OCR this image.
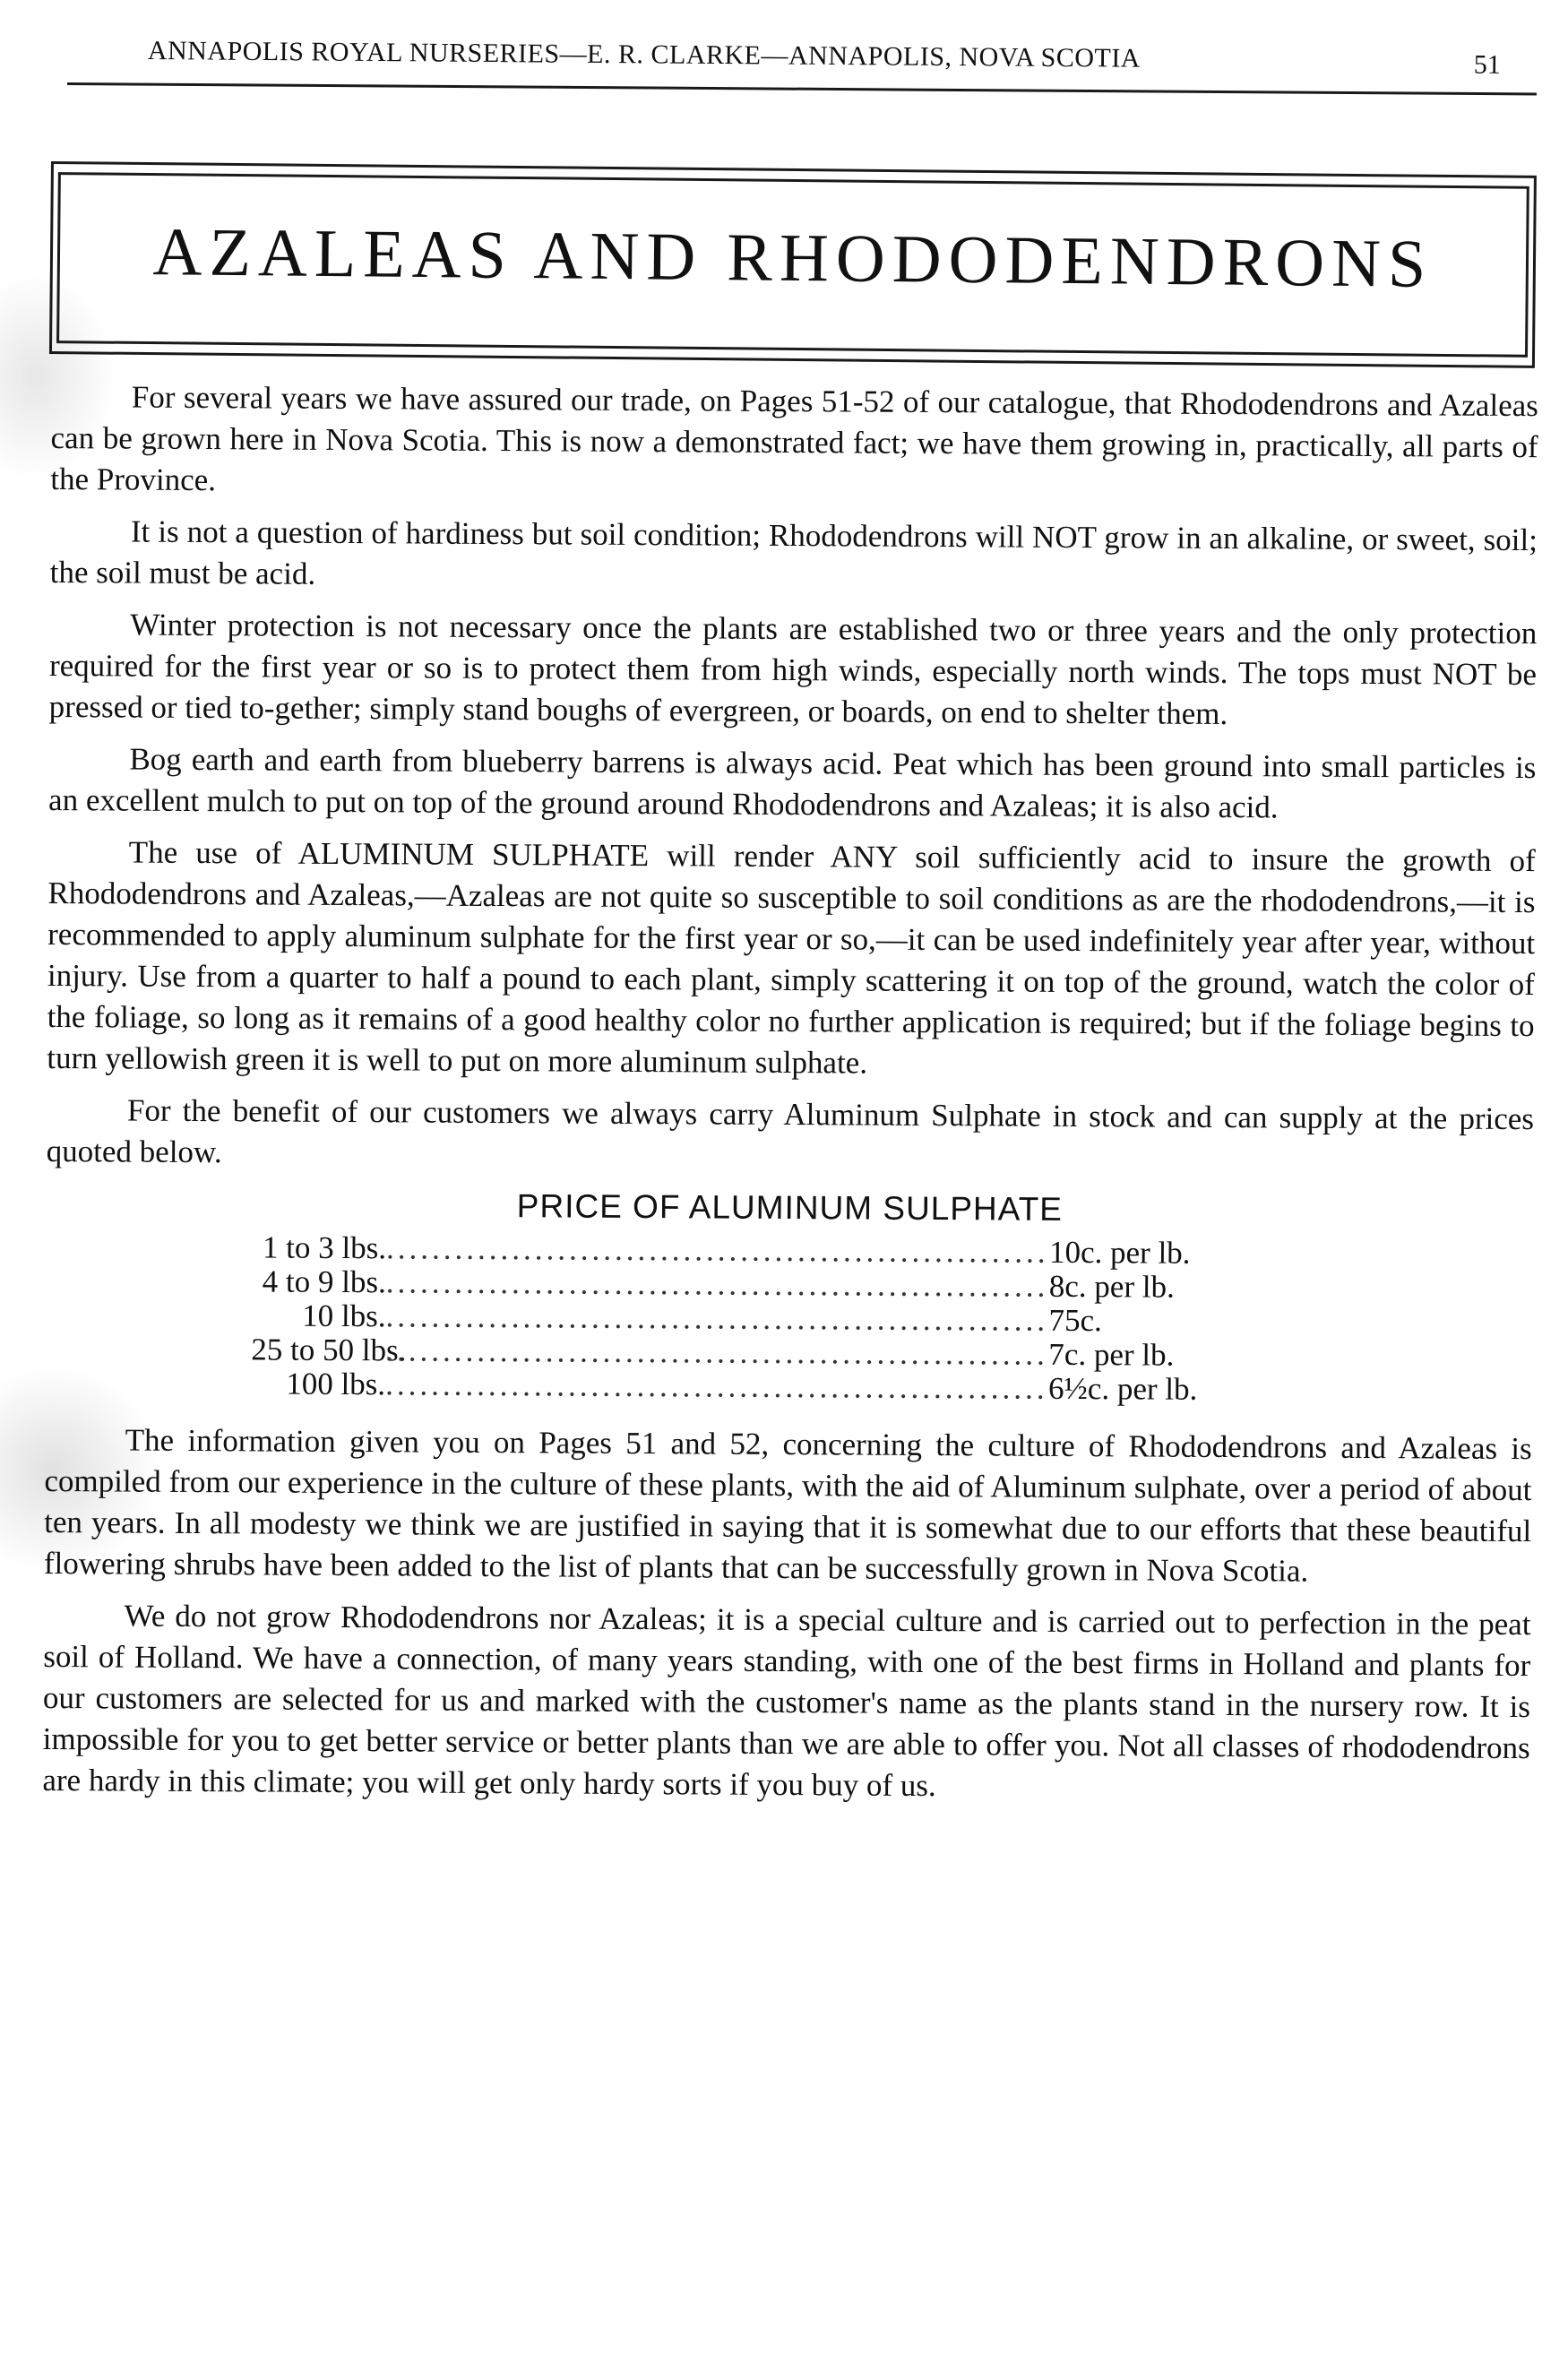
ANNAPOLIS ROYAL NURSERIES—E. R. CLARKE—ANNAPOLIS, NOVA SCOTIA	51
AZALEAS AND RHODODENDRONS

For several years we have assured our trade, on Pages 51-52 of our catalogue, that Rhododendrons and Azaleas can be grown here in Nova Scotia. This is now a demonstrated fact; we have them growing in, practically, all parts of the Province.

It is not a question of hardiness but soil condition; Rhododendrons will NOT grow in an alkaline, or sweet, soil; the soil must be acid.

Winter protection is not necessary once the plants are established two or three years and the only protection required for the first year or so is to protect them from high winds, especially north winds. The tops must NOT be pressed or tied to-gether; simply stand boughs of evergreen, or boards, on end to shelter them.

Bog earth and earth from blueberry barrens is always acid. Peat which has been ground into small particles is an excellent mulch to put on top of the ground around Rhododendrons and Azaleas; it is also acid.

The use of ALUMINUM SULPHATE will render ANY soil sufficiently acid to insure the growth of Rhododendrons and Azaleas,—Azaleas are not quite so susceptible to soil conditions as are the rhododendrons,—it is recommended to apply aluminum sulphate for the first year or so,—it can be used indefinitely year after year, without injury. Use from a quarter to half a pound to each plant, simply scattering it on top of the ground, watch the color of the foliage, so long as it remains of a good healthy color no further application is required; but if the foliage begins to turn yellowish green it is well to put on more aluminum sulphate.

For the benefit of our customers we always carry Aluminum Sulphate in stock and can supply at the prices quoted below.

PRICE OF ALUMINUM SULPHATE
1 to 3 lbs. .....	10c. per lb.
4 to 9 lbs. .....	8c. per lb.
10 lbs. .....	75c.
25 to 50 lbs. .....	7c. per lb.
100 lbs. .....	6½c. per lb.

The information given you on Pages 51 and 52, concerning the culture of Rhododendrons and Azaleas is compiled from our experience in the culture of these plants, with the aid of Aluminum sulphate, over a period of about ten years. In all modesty we think we are justified in saying that it is somewhat due to our efforts that these beautiful flowering shrubs have been added to the list of plants that can be successfully grown in Nova Scotia.

We do not grow Rhododendrons nor Azaleas; it is a special culture and is carried out to perfection in the peat soil of Holland. We have a connection, of many years standing, with one of the best firms in Holland and plants for our customers are selected for us and marked with the customer's name as the plants stand in the nursery row. It is impossible for you to get better service or better plants than we are able to offer you. Not all classes of rhododendrons are hardy in this climate; you will get only hardy sorts if you buy of us.
